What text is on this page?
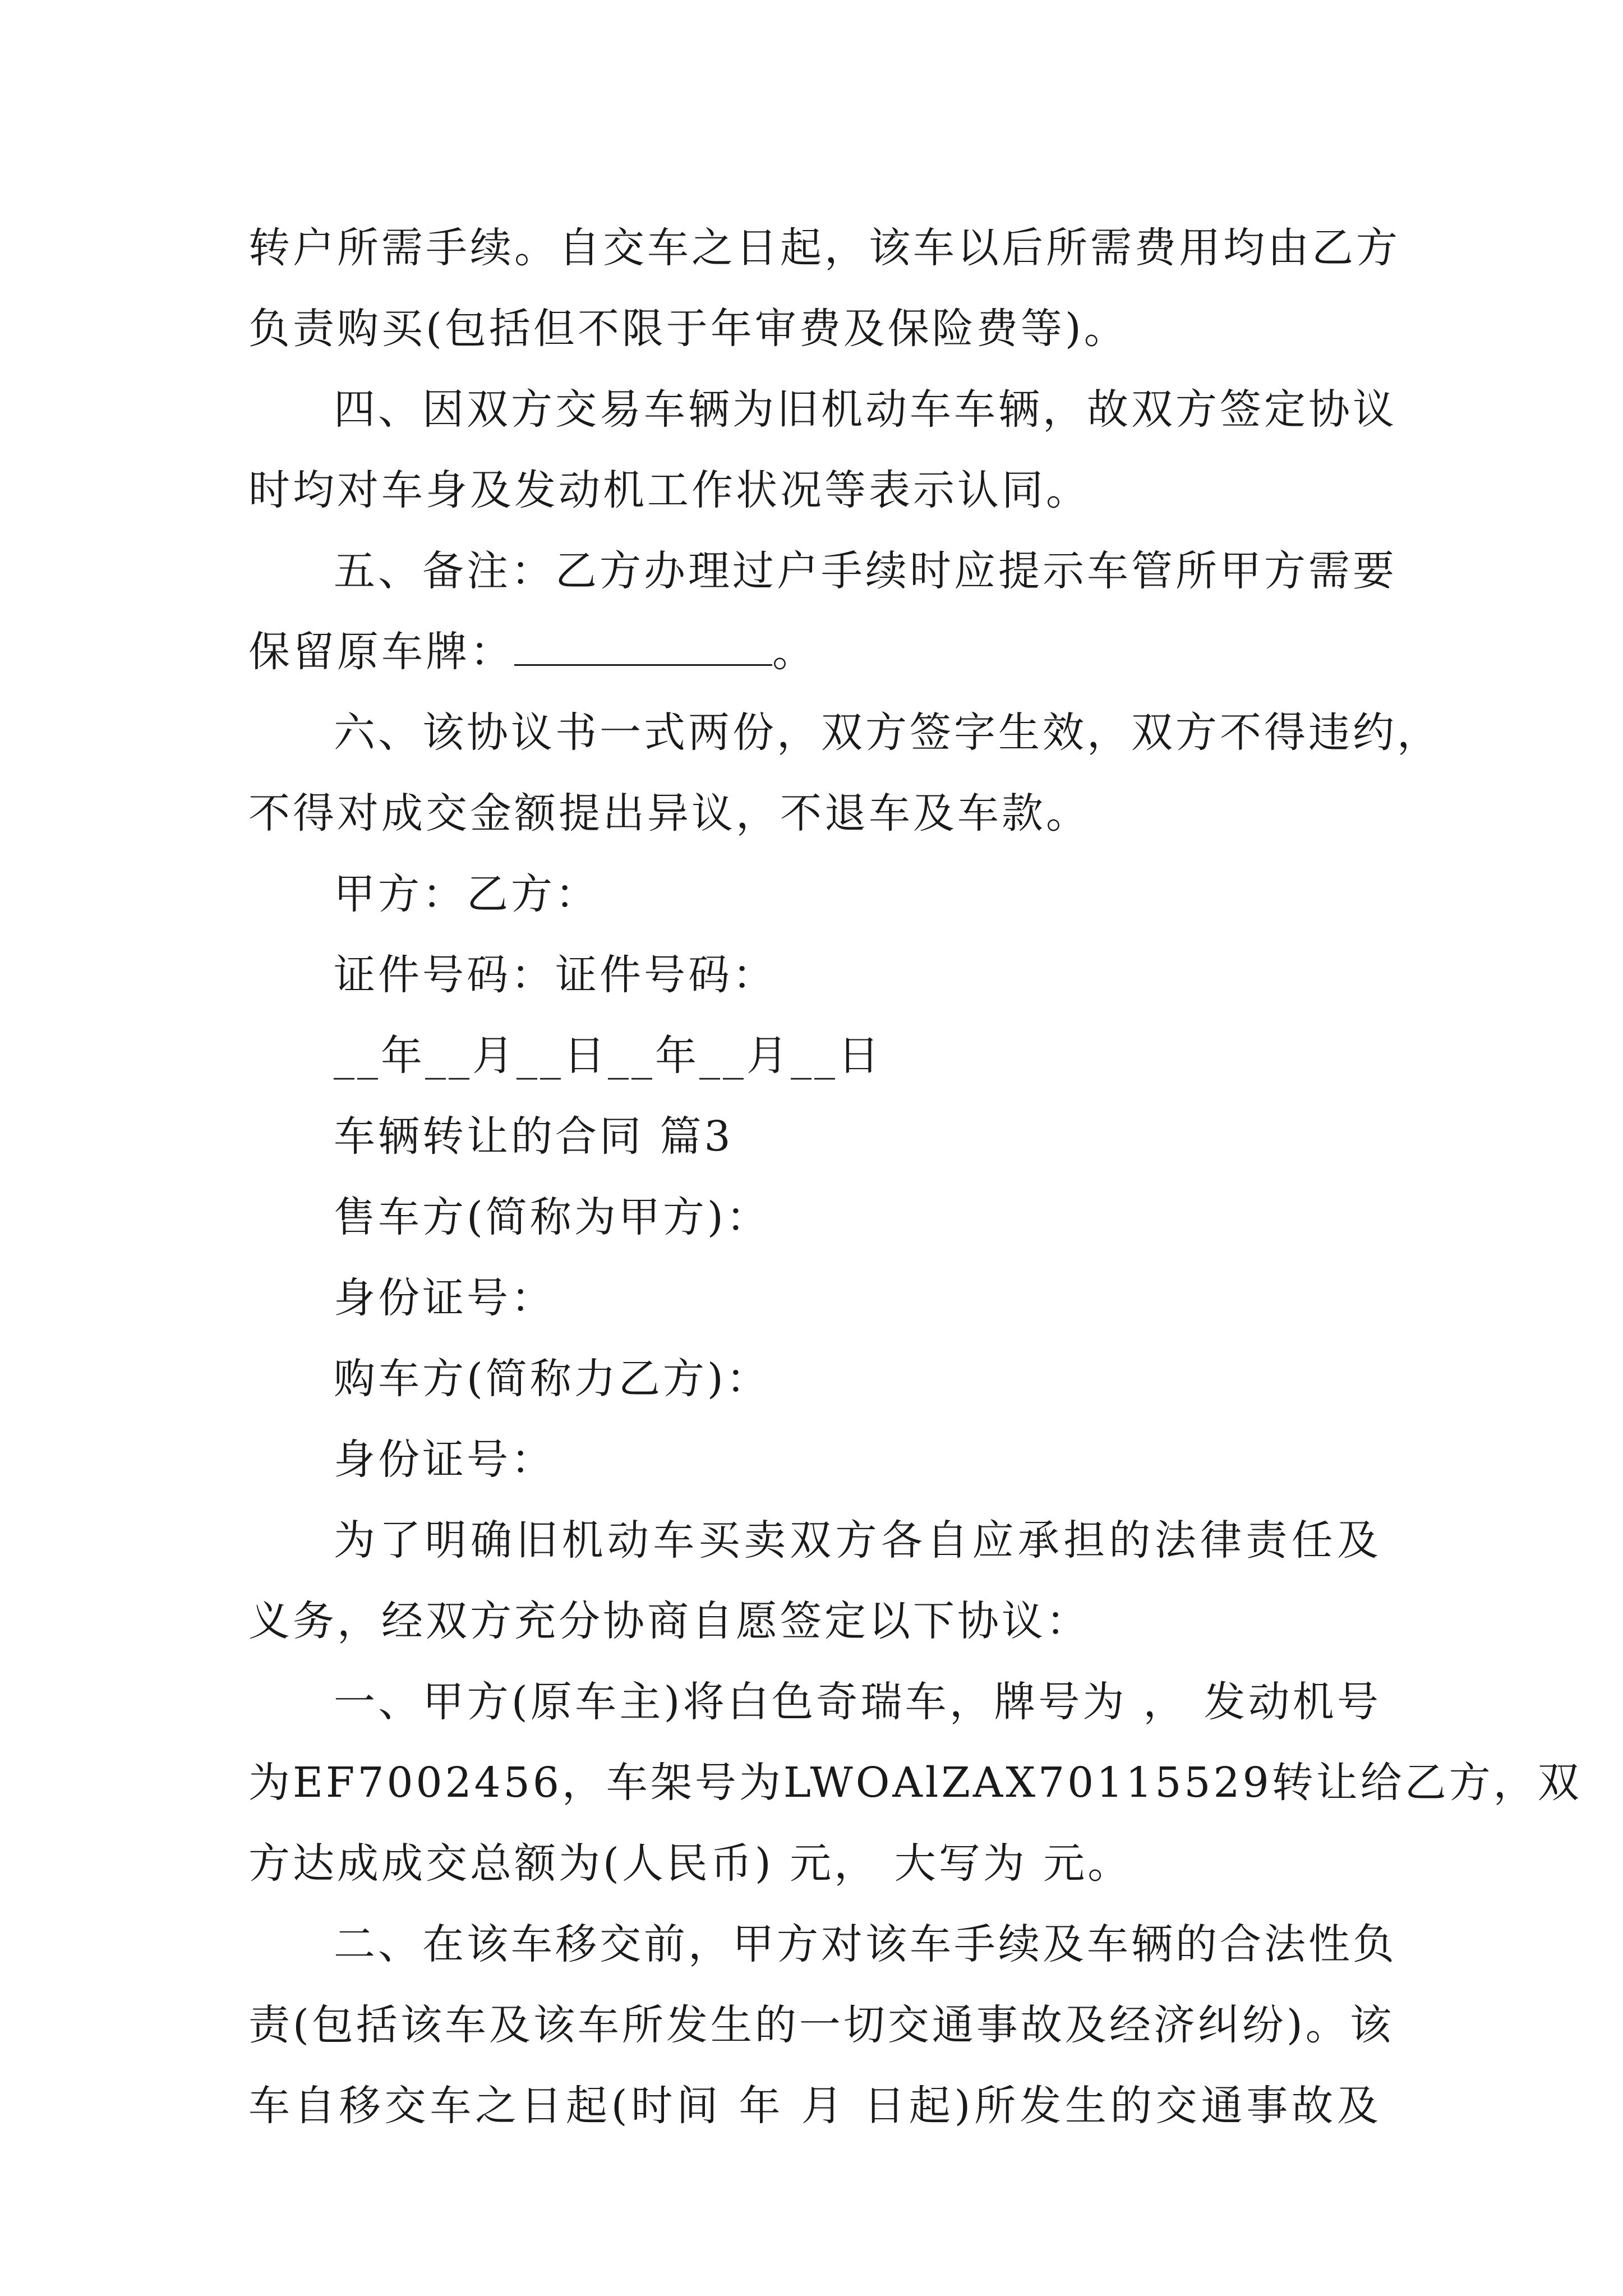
转户所需手续。自交车之日起，该车以后所需费用均由乙方
负责购买(包括但不限于年审费及保险费等)。
四、因双方交易车辆为旧机动车车辆，故双方签定协议
时均对车身及发动机工作状况等表示认同。
五、备注：乙方办理过户手续时应提示车管所甲方需要
保留原车牌：	。
六、该协议书一式两份，双方签字生效，双方不得违约，
不得对成交金额提出异议，不退车及车款。
甲方：乙方：
证件号码：证件号码：
__年__月__日__年__月__日
车辆转让的合同 篇3
售车方(简称为甲方)：
身份证号：
购车方(简称力乙方)：
身份证号：
为了明确旧机动车买卖双方各自应承担的法律责任及
义务，经双方充分协商自愿签定以下协议：
一、甲方(原车主)将白色奇瑞车，牌号为 ， 发动机号
为EF7002456，车架号为LWOAlZAX70115529转让给乙方，双
方达成成交总额为(人民币) 元， 大写为 元。
二、在该车移交前，甲方对该车手续及车辆的合法性负
责(包括该车及该车所发生的一切交通事故及经济纠纷)。该
车自移交车之日起(时间 年 月 日起)所发生的交通事故及
